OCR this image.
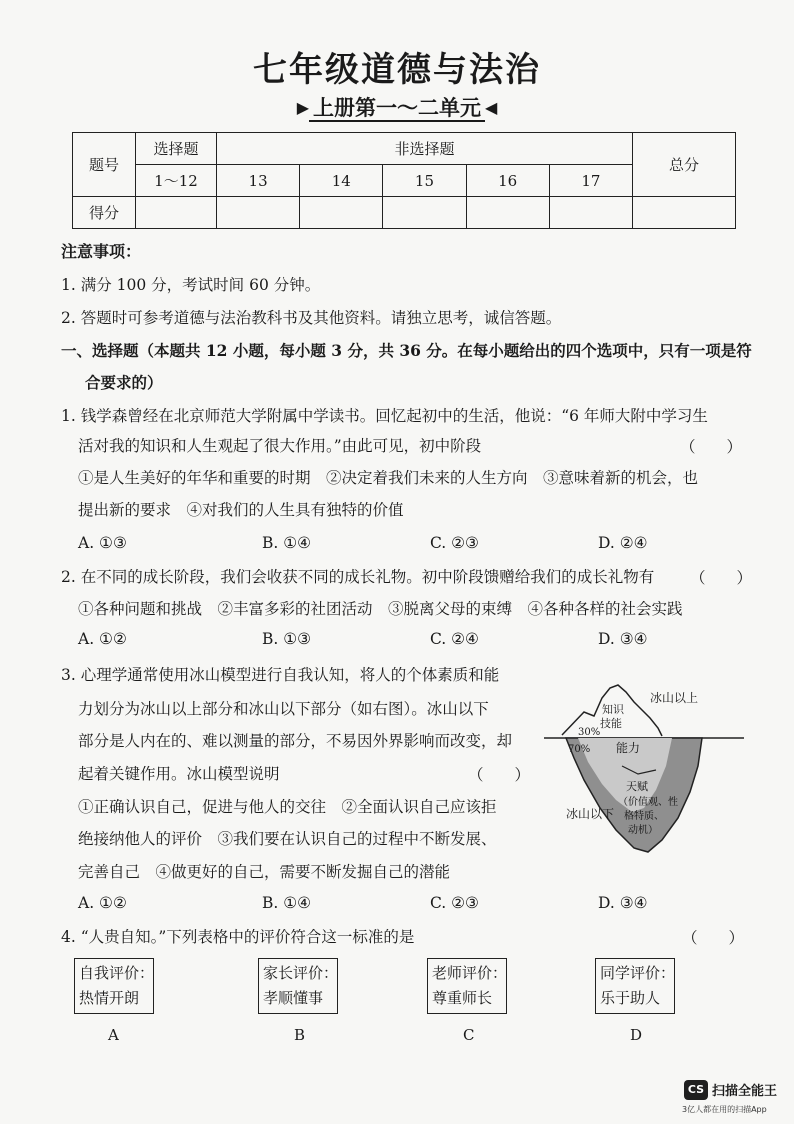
七年级道德与法治
▶ 上册第一～二单元 ◀
题号	选择题	非选择题					总分
	1～12	13	14	15	16	17	
得分							
注意事项：
1. 满分 100 分，考试时间 60 分钟。
2. 答题时可参考道德与法治教科书及其他资料。请独立思考，诚信答题。
一、选择题（本题共 12 小题，每小题 3 分，共 36 分。在每小题给出的四个选项中，只有一项是符
合要求的）
1. 钱学森曾经在北京师范大学附属中学读书。回忆起初中的生活，他说：“6 年师大附中学习生
活对我的知识和人生观起了很大作用。”由此可见，初中阶段	（　　）
①是人生美好的年华和重要的时期　②决定着我们未来的人生方向　③意味着新的机会，也
提出新的要求　④对我们的人生具有独特的价值
A. ①③	B. ①④	C. ②③	D. ②④
2. 在不同的成长阶段，我们会收获不同的成长礼物。初中阶段馈赠给我们的成长礼物有	（　　）
①各种问题和挑战　②丰富多彩的社团活动　③脱离父母的束缚　④各种各样的社会实践
A. ①②	B. ①③	C. ②④	D. ③④
3. 心理学通常使用冰山模型进行自我认知，将人的个体素质和能
力划分为冰山以上部分和冰山以下部分（如右图）。冰山以下
部分是人内在的、难以测量的部分，不易因外界影响而改变，却
起着关键作用。冰山模型说明	（　　）
①正确认识自己，促进与他人的交往　②全面认识自己应该拒
绝接纳他人的评价　③我们要在认识自己的过程中不断发展、
完善自己　④做更好的自己，需要不断发掘自己的潜能
A. ①②	B. ①④	C. ②③	D. ③④
冰山以上
知识
技能
30%
70% 能力
天赋
（价值观、性
格特质、
动机）
冰山以下
4. “人贵自知。”下列表格中的评价符合这一标准的是	（　　）
自我评价：
热情开朗
家长评价：
孝顺懂事
老师评价：
尊重师长
同学评价：
乐于助人
A	B	C	D
CS 扫描全能王
3亿人都在用的扫描App
